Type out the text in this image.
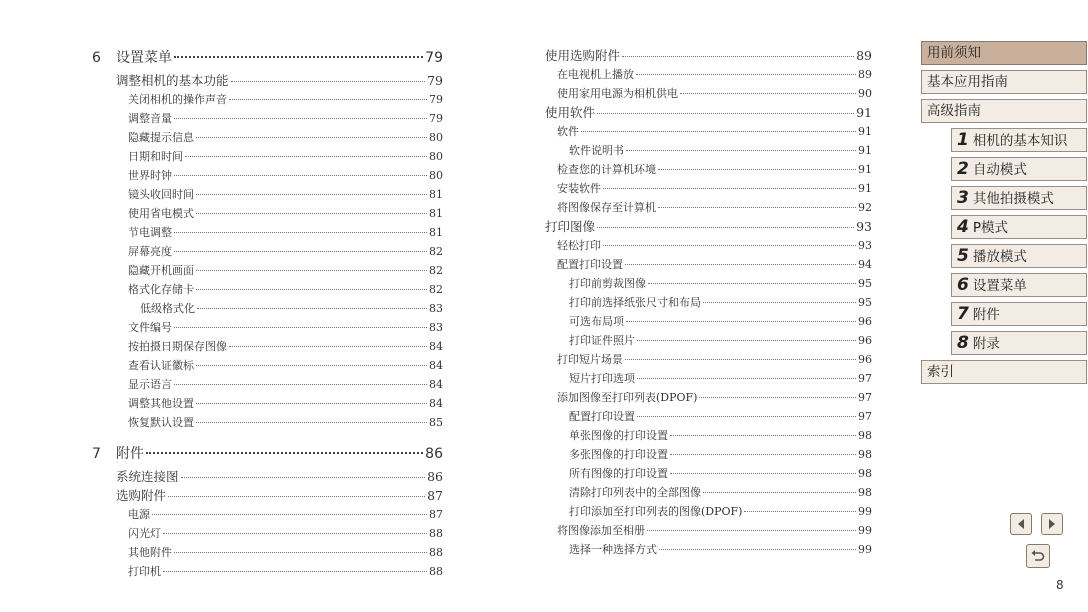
6	设置菜单	79
调整相机的基本功能	79
关闭相机的操作声音	79
调整音量	79
隐藏提示信息	80
日期和时间	80
世界时钟	80
镜头收回时间	81
使用省电模式	81
节电调整	81
屏幕亮度	82
隐藏开机画面	82
格式化存储卡	82
低级格式化	83
文件编号	83
按拍摄日期保存图像	84
查看认证徽标	84
显示语言	84
调整其他设置	84
恢复默认设置	85
7	附件	86
系统连接图	86
选购附件	87
电源	87
闪光灯	88
其他附件	88
打印机	88
使用选购附件	89
在电视机上播放	89
使用家用电源为相机供电	90
使用软件	91
软件	91
软件说明书	91
检查您的计算机环境	91
安装软件	91
将图像保存至计算机	92
打印图像	93
轻松打印	93
配置打印设置	94
打印前剪裁图像	95
打印前选择纸张尺寸和布局	95
可选布局项	96
打印证件照片	96
打印短片场景	96
短片打印选项	97
添加图像至打印列表(DPOF)	97
配置打印设置	97
单张图像的打印设置	98
多张图像的打印设置	98
所有图像的打印设置	98
清除打印列表中的全部图像	98
打印添加至打印列表的图像(DPOF)	99
将图像添加至相册	99
选择一种选择方式	99
用前须知
基本应用指南
高级指南
1 相机的基本知识
2 自动模式
3 其他拍摄模式
4 P模式
5 播放模式
6 设置菜单
7 附件
8 附录
索引
8
